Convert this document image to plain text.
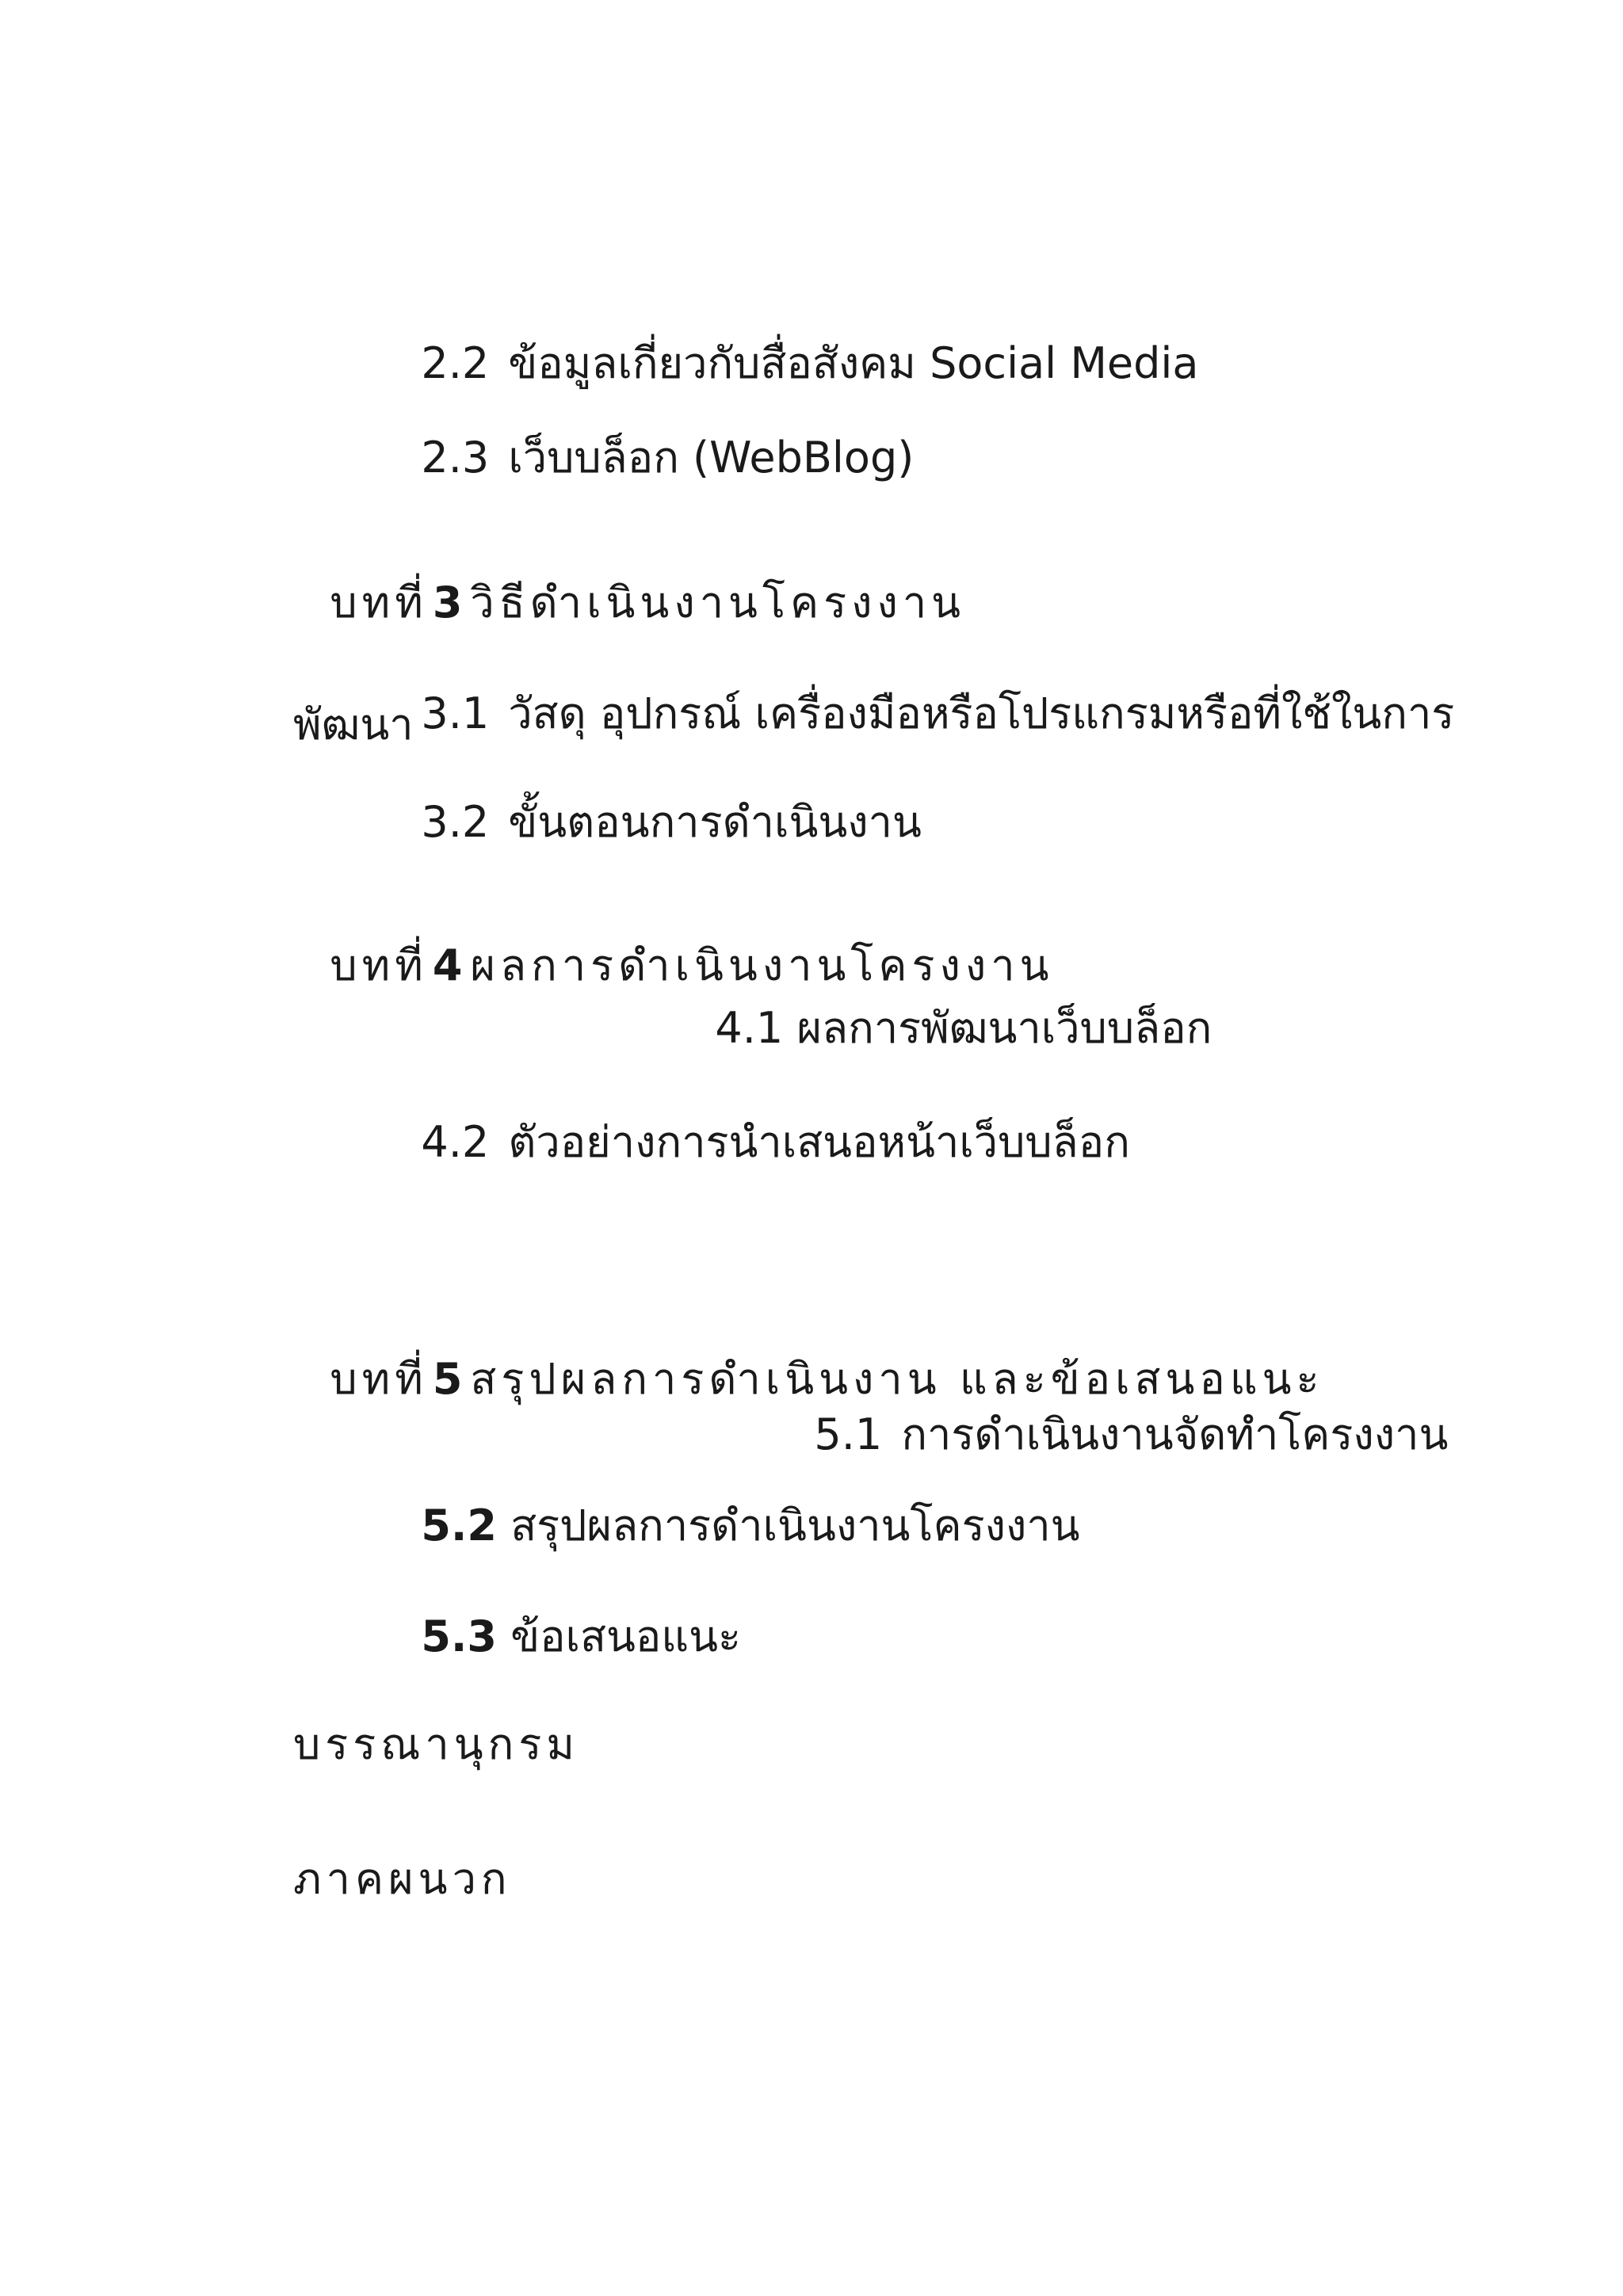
2.2 ข้อมูลเกี่ยวกับสื่อสังคม Social Media

2.3 เว็บบล็อก (WebBlog)

บทที่ 3 วิธีดำเนินงานโครงงาน

3.1 วัสดุ อุปกรณ์ เครื่องมือหรือโปรแกรมหรือที่ใช้ในการ

พัฒนา

3.2 ขั้นตอนการดำเนินงาน

บทที่ 4 ผลการดำเนินงานโครงงาน

4.1 ผลการพัฒนาเว็บบล็อก

4.2 ตัวอย่างการนำเสนอหน้าเว็บบล็อก

บทที่ 5 สรุปผลการดำเนินงาน และข้อเสนอแนะ

5.1 การดำเนินงานจัดทำโครงงาน

5.2 สรุปผลการดำเนินงานโครงงาน

5.3 ข้อเสนอแนะ

บรรณานุกรม
ภาคผนวก
